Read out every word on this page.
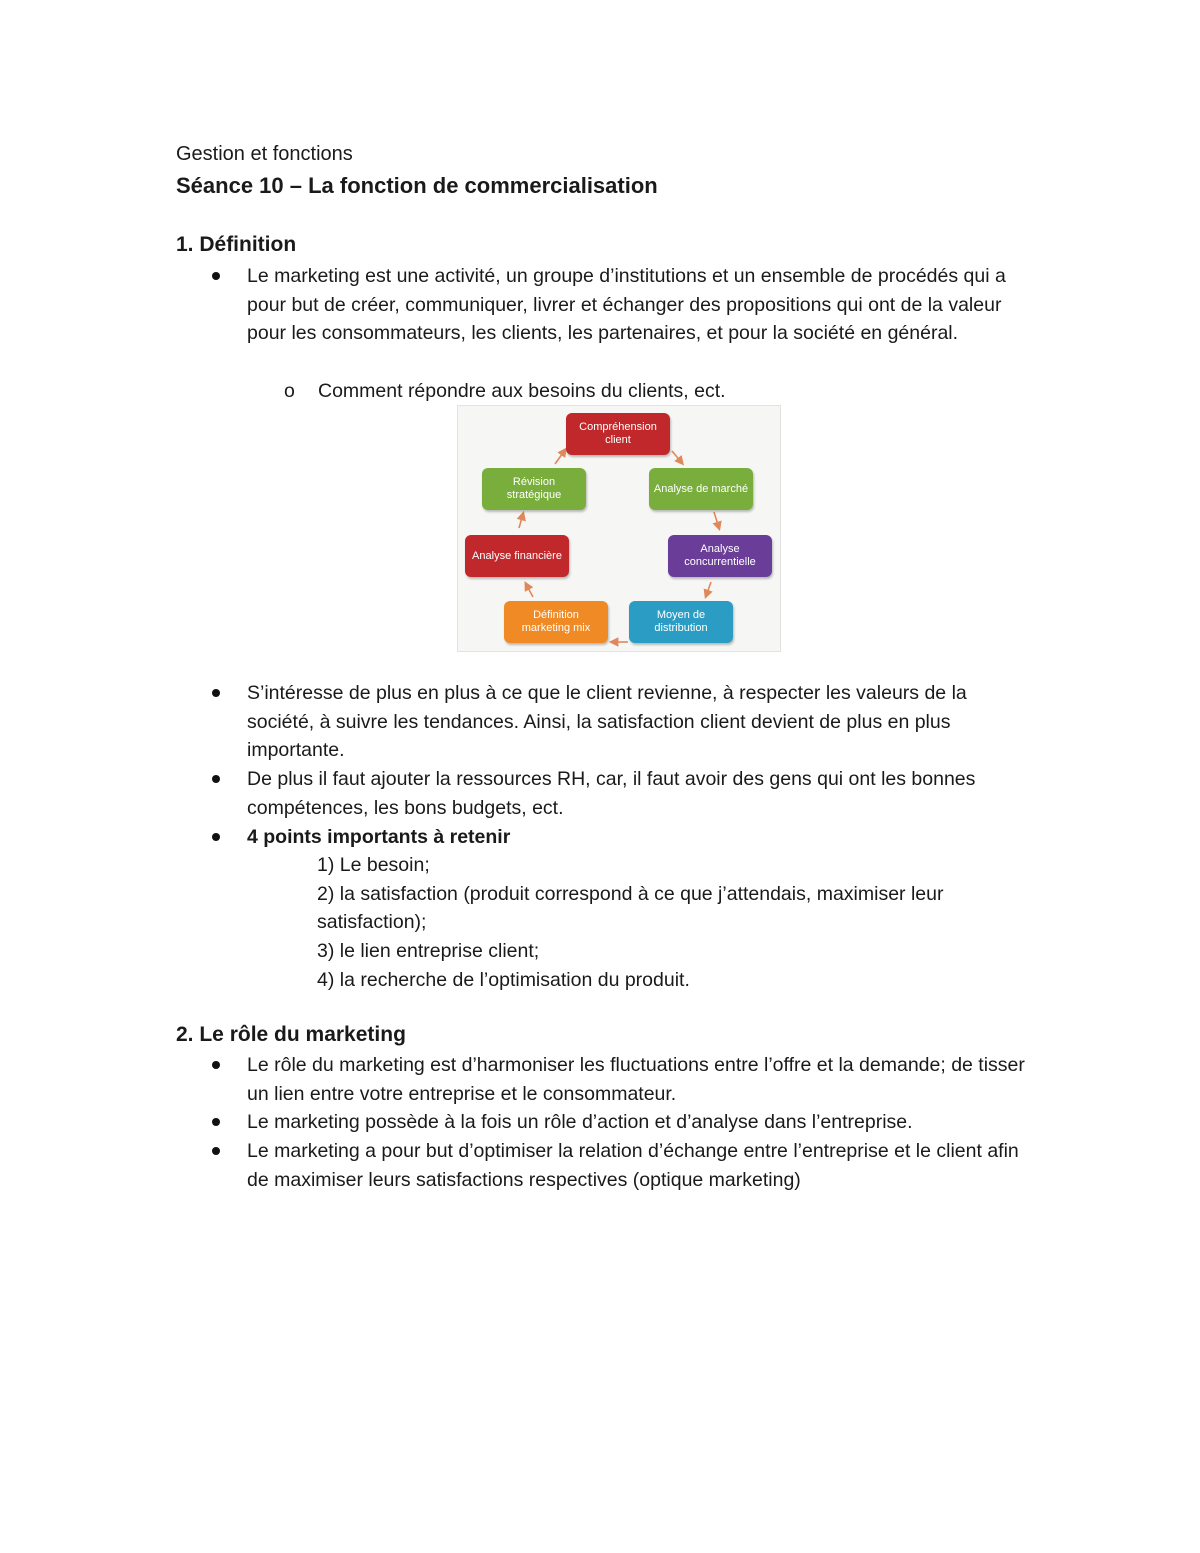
Gestion et fonctions
Séance 10 – La fonction de commercialisation
1. Définition
Le marketing est une activité, un groupe d’institutions et un ensemble de procédés qui a pour but de créer, communiquer, livrer et échanger des propositions qui ont de la valeur pour les consommateurs, les clients, les partenaires, et pour la société en général.
o Comment répondre aux besoins du clients, ect.
Compréhension client
Analyse de marché
Analyse concurrentielle
Moyen de distribution
Définition marketing mix
Analyse financière
Révision stratégique
S’intéresse de plus en plus à ce que le client revienne, à respecter les valeurs de la société, à suivre les tendances. Ainsi, la satisfaction client devient de plus en plus importante.
De plus il faut ajouter la ressources RH, car, il faut avoir des gens qui ont les bonnes compétences, les bons budgets, ect.
4 points importants à retenir
1) Le besoin;
2) la satisfaction (produit correspond à ce que j’attendais, maximiser leur satisfaction);
3) le lien entreprise client;
4) la recherche de l’optimisation du produit.
2. Le rôle du marketing
Le rôle du marketing est d’harmoniser les fluctuations entre l’offre et la demande; de tisser un lien entre votre entreprise et le consommateur.
Le marketing possède à la fois un rôle d’action et d’analyse dans l’entreprise.
Le marketing a pour but d’optimiser la relation d’échange entre l’entreprise et le client afin de maximiser leurs satisfactions respectives (optique marketing)
